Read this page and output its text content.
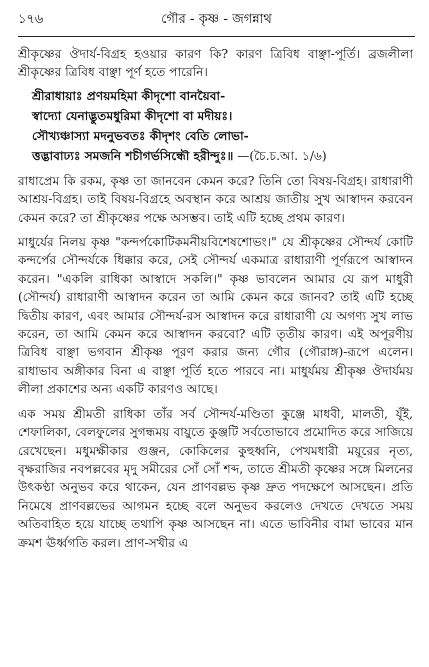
১৭৬	গৌর - কৃষ্ণ - জগন্নাথ

শ্রীকৃষ্ণের ঔদার্য-বিগ্রহ হওয়ার কারণ কি? কারণ ত্রিবিধ বাঞ্ছা-পূর্তি। ব্রজলীলা শ্রীকৃষ্ণের ত্রিবিধ বাঞ্ছা পূর্ণ হতে পারেনি।

শ্রীরাধায়াঃ প্রণয়মহিমা কীদৃশো বানয়ৈবা-
স্বাদ্যো যেনাদ্ভুতমধুরিমা কীদৃশো বা মদীয়ঃ।
সৌখ্যঞ্চাস্যা মদনুভবতঃ কীদৃশং বেতি লোভা-
ত্তদ্ভাবাঢ্যঃ সমজনি শচীগর্ভসিন্ধৌ হরীন্দুঃ॥ —(চৈ.চ.আ. ১/৬)

রাধাপ্রেম কি রকম, কৃষ্ণ তা জানবেন কেমন করে? তিনি তো বিষয়-বিগ্রহ। রাধারাণী আশ্রয়-বিগ্রহ। তাই বিষয়-বিগ্রহে অবস্থান করে আশ্রয় জাতীয় সুখ আস্বাদন করবেন কেমন করে? তা শ্রীকৃষ্ণের পক্ষে অসম্ভব। তাই এটি হচ্ছে প্রথম কারণ।

মাধুর্যের নিলয় কৃষ্ণ "কন্দর্পকোটিকমনীয়বিশেষশোভং।" যে শ্রীকৃষ্ণের সৌন্দর্য কোটি কন্দর্পের সৌন্দর্যকে ধিক্কার করে, সেই সৌন্দর্য একমাত্র রাধারাণী পূর্ণরূপে আস্বাদন করেন। "একলি রাধিকা আস্বাদে সকলি।" কৃষ্ণ ভাবলেন আমার যে রূপ মাধুরী (সৌন্দর্য) রাধারাণী আস্বাদন করেন তা আমি কেমন করে জানব? তাই এটি হচ্ছে দ্বিতীয় কারণ, এবং আমার সৌন্দর্য-রস আস্বাদন করে রাধারাণী যে অগণ্য সুখ লাভ করেন, তা আমি কেমন করে আস্বাদন করবো? এটি তৃতীয় কারণ। এই অপূরণীয় ত্রিবিধ বাঞ্ছা ভগবান শ্রীকৃষ্ণ পূরণ করার জন্য গৌর (গৌরাঙ্গ)-রূপে এলেন। রাধাভাব অঙ্গীকার বিনা এ বাঞ্ছা পূর্তি হতে পারবে না। মাধুর্যময় শ্রীকৃষ্ণ ঔদার্যময় লীলা প্রকাশের অন্য একটি কারণও আছে।

এক সময় শ্রীমতী রাধিকা তাঁর সর্ব সৌন্দর্য-মণ্ডিতা কুঞ্জে মাধবী, মালতী, যূঁই, শেফালিকা, বেলফুলের সুগন্ধময় বায়ুতে কুঞ্জটি সর্বতোভাবে প্রমোদিত করে সাজিয়ে রেখেছেন। মধুমক্ষীকার গুঞ্জন, কোকিলের কুহুধ্বনি, পেখমধারী ময়ূরের নৃত্য, বৃক্ষরাজির নবপল্লবের মৃদু সমীরের সোঁ সোঁ শব্দ, তাতে শ্রীমতী কৃষ্ণের সঙ্গে মিলনের উৎকণ্ঠা অনুভব করে থাকেন, যেন প্রাণবল্লভ কৃষ্ণ দ্রুত পদক্ষেপে আসছেন। প্রতি নিমেষে প্রাণবল্লভের আগমন হচ্ছে বলে অনুভব করলেও দেখতে দেখতে সময় অতিবাহিত হয়ে যাচ্ছে তথাপি কৃষ্ণ আসছেন না। এতে ভাবিনীর বামা ভাবের মান ক্রমশ ঊর্ধ্বগতি করল। প্রাণ-সখীর এ
